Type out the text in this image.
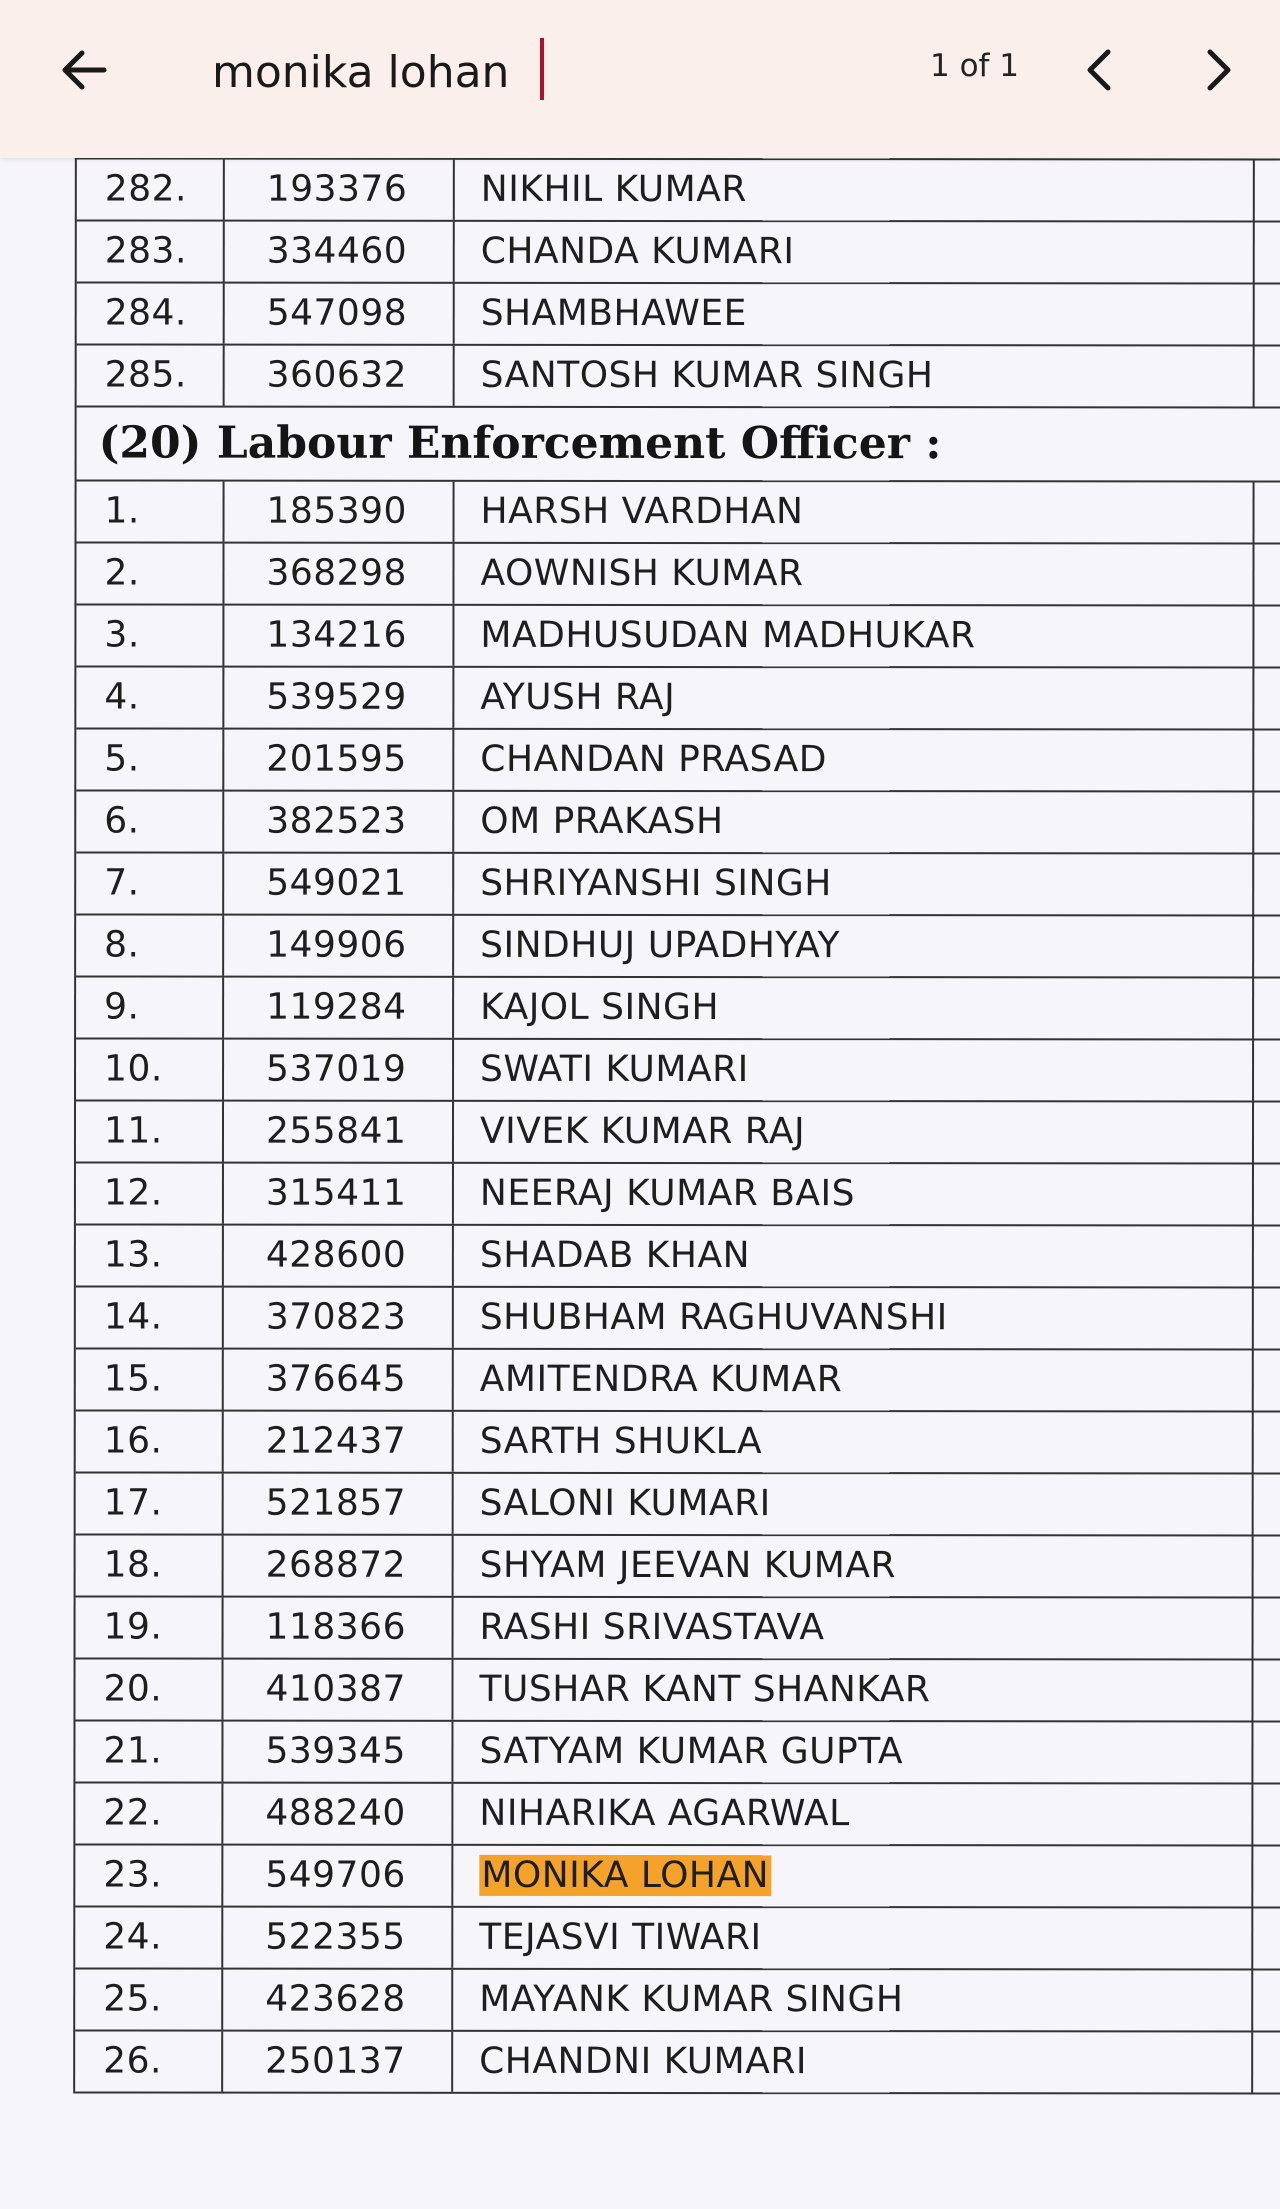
monika lohan
1 of 1
282.	193376	NIKHIL KUMAR
283.	334460	CHANDA KUMARI
284.	547098	SHAMBHAWEE
285.	360632	SANTOSH KUMAR SINGH
(20) Labour Enforcement Officer :
1.	185390	HARSH VARDHAN
2.	368298	AOWNISH KUMAR
3.	134216	MADHUSUDAN MADHUKAR
4.	539529	AYUSH RAJ
5.	201595	CHANDAN PRASAD
6.	382523	OM PRAKASH
7.	549021	SHRIYANSHI SINGH
8.	149906	SINDHUJ UPADHYAY
9.	119284	KAJOL SINGH
10.	537019	SWATI KUMARI
11.	255841	VIVEK KUMAR RAJ
12.	315411	NEERAJ KUMAR BAIS
13.	428600	SHADAB KHAN
14.	370823	SHUBHAM RAGHUVANSHI
15.	376645	AMITENDRA KUMAR
16.	212437	SARTH SHUKLA
17.	521857	SALONI KUMARI
18.	268872	SHYAM JEEVAN KUMAR
19.	118366	RASHI SRIVASTAVA
20.	410387	TUSHAR KANT SHANKAR
21.	539345	SATYAM KUMAR GUPTA
22.	488240	NIHARIKA AGARWAL
23.	549706	MONIKA LOHAN
24.	522355	TEJASVI TIWARI
25.	423628	MAYANK KUMAR SINGH
26.	250137	CHANDNI KUMARI
